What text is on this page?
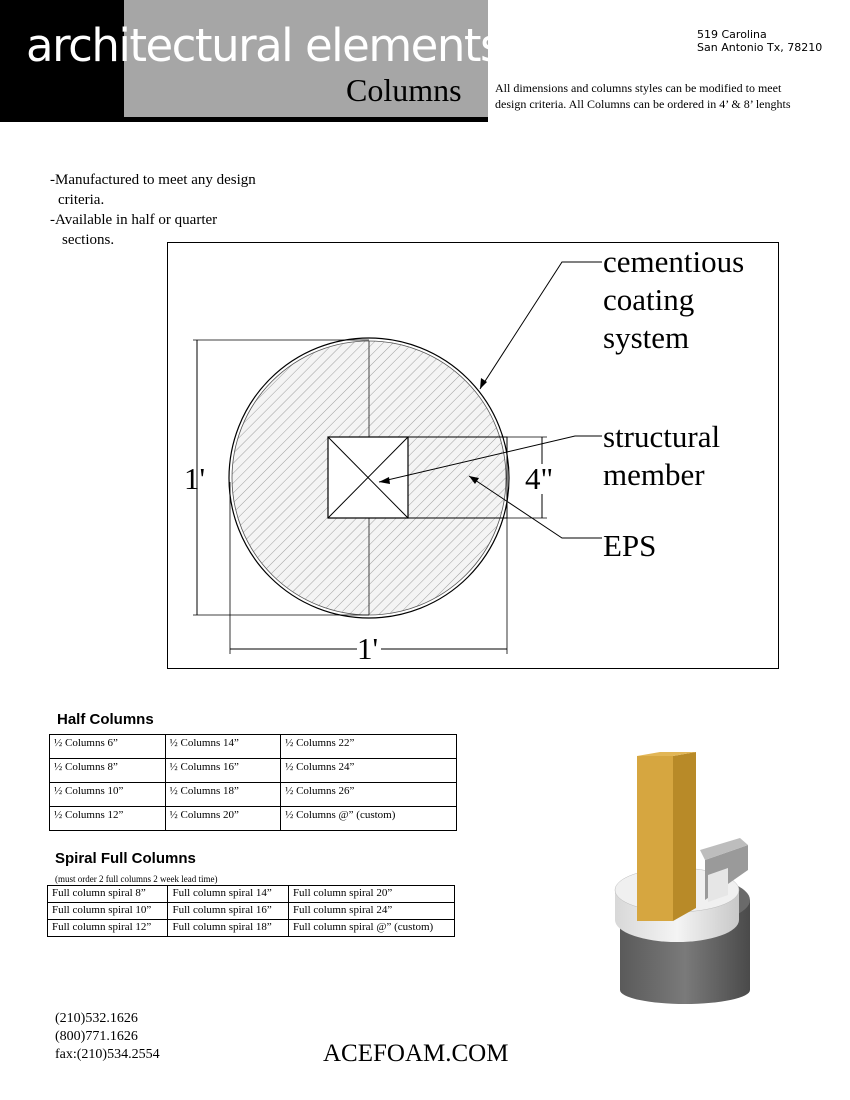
architectural elements
Columns
519 Carolina
San Antonio Tx, 78210
All dimensions and columns styles can be modified to meet design criteria. All Columns can be ordered in 4’ & 8’ lenghts
-Manufactured to meet any design
criteria.
-Available in half or quarter
sections.
cementious
coating
system
structural
member
EPS
1'
1'
4"
Half Columns
½ Columns 6”	½ Columns 14”	½ Columns 22”
½ Columns 8”	½ Columns 16”	½ Columns 24”
½ Columns 10”	½ Columns 18”	½ Columns 26”
½ Columns 12”	½ Columns 20”	½ Columns @” (custom)
Spiral Full Columns
(must order 2 full columns 2 week lead time)
Full column spiral 8”	Full column spiral 14”	Full column spiral 20”
Full column spiral 10”	Full column spiral 16”	Full column spiral 24”
Full column spiral 12”	Full column spiral 18”	Full column spiral @” (custom)
(210)532.1626
(800)771.1626
fax:(210)534.2554	ACEFOAM.COM
